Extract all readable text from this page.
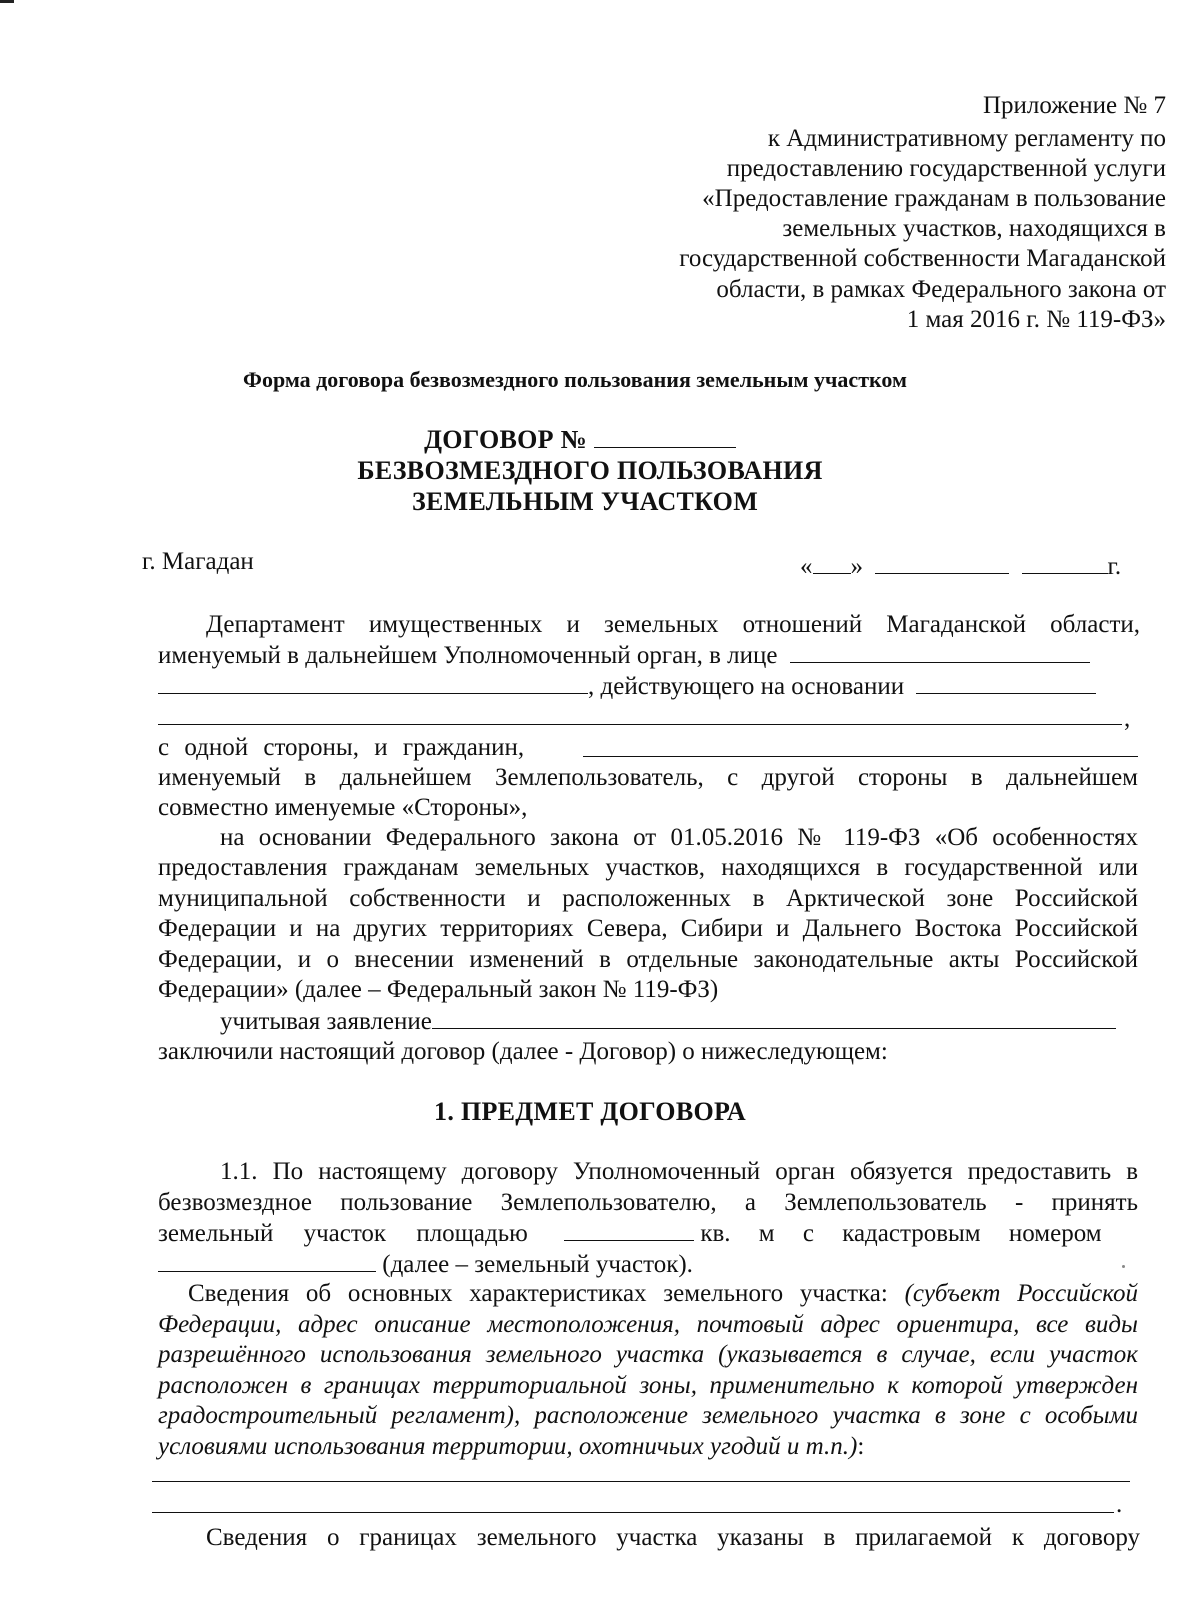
Приложение № 7
к Административному регламенту по
предоставлению государственной услуги
«Предоставление гражданам в пользование
земельных участков, находящихся в
государственной собственности Магаданской
области, в рамках Федерального закона от
1 мая 2016 г. № 119-ФЗ»
Форма договора безвозмездного пользования земельным участком
ДОГОВОР №
БЕЗВОЗМЕЗДНОГО ПОЛЬЗОВАНИЯ
ЗЕМЕЛЬНЫМ УЧАСТКОМ
г. Магадан	« »	г.
Департамент имущественных и земельных отношений Магаданской области,
именуемый в дальнейшем Уполномоченный орган, в лице
, действующего на основании
,
с одной стороны, и гражданин,
именуемый в дальнейшем Землепользователь, с другой стороны в дальнейшем
совместно именуемые «Стороны»,
на основании Федерального закона от 01.05.2016 № 119-ФЗ «Об особенностях
предоставления гражданам земельных участков, находящихся в государственной или
муниципальной собственности и расположенных в Арктической зоне Российской
Федерации и на других территориях Севера, Сибири и Дальнего Востока Российской
Федерации, и о внесении изменений в отдельные законодательные акты Российской
Федерации» (далее – Федеральный закон № 119-ФЗ)
учитывая заявление
заключили настоящий договор (далее - Договор) о нижеследующем:
1. ПРЕДМЕТ ДОГОВОРА
1.1. По настоящему договору Уполномоченный орган обязуется предоставить в
безвозмездное пользование Землепользователю, а Землепользователь - принять
земельный участок площадью	кв. м с кадастровым номером
(далее – земельный участок).
Сведения об основных характеристиках земельного участка: (субъект Российской
Федерации, адрес описание местоположения, почтовый адрес ориентира, все виды
разрешённого использования земельного участка (указывается в случае, если участок
расположен в границах территориальной зоны, применительно к которой утвержден
градостроительный регламент), расположение земельного участка в зоне с особыми
условиями использования территории, охотничьих угодий и т.п.):
.
Сведения о границах земельного участка указаны в прилагаемой к договору
